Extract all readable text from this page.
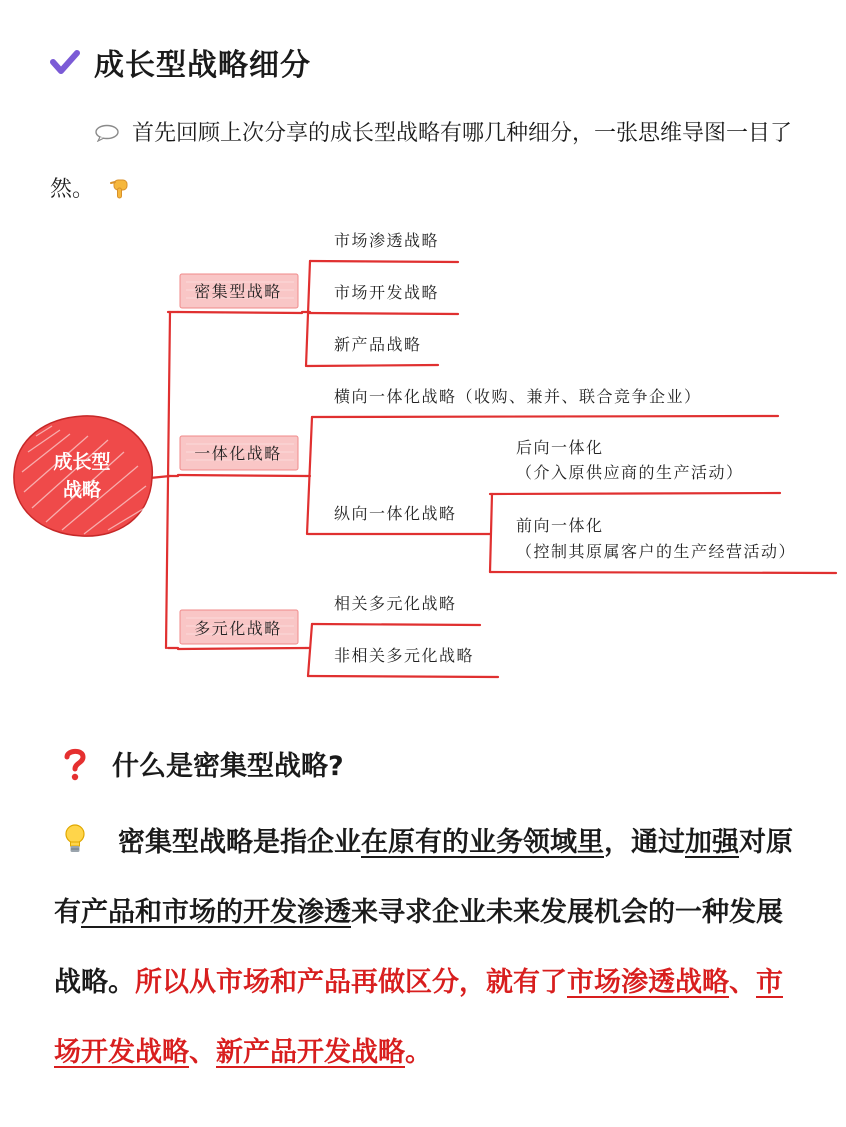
成长型战略细分
首先回顾上次分享的成长型战略有哪几种细分，一张思维导图一目了然。
成长型
战略
密集型战略
一体化战略
多元化战略
市场渗透战略
市场开发战略
新产品战略
横向一体化战略（收购、兼并、联合竞争企业）
纵向一体化战略
后向一体化
（介入原供应商的生产活动）
前向一体化
（控制其原属客户的生产经营活动）
相关多元化战略
非相关多元化战略
什么是密集型战略?
密集型战略是指企业在原有的业务领域里，通过加强对原有产品和市场的开发渗透来寻求企业未来发展机会的一种发展战略。所以从市场和产品再做区分，就有了市场渗透战略、市场开发战略、新产品开发战略。
